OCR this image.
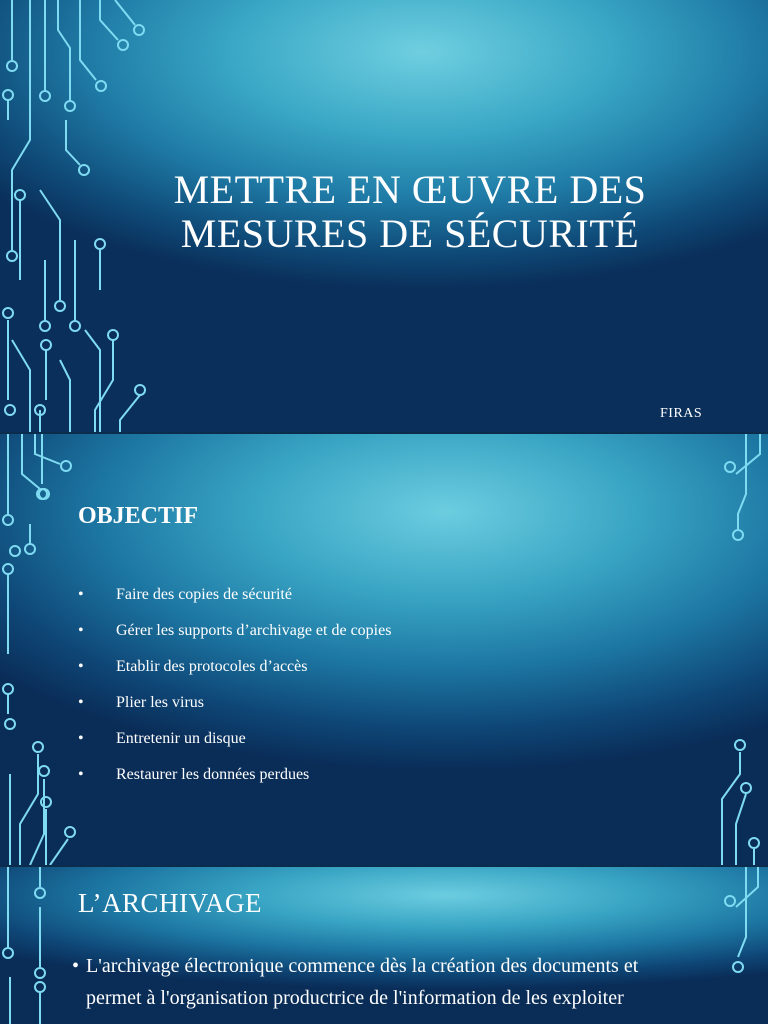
METTRE EN ŒUVRE DES
MESURES DE SÉCURITÉ
FIRAS
OBJECTIF
• Faire des copies de sécurité
• Gérer les supports d’archivage et de copies
• Etablir des protocoles d’accès
• Plier les virus
• Entretenir un disque
• Restaurer les données perdues
L’ARCHIVAGE
• L'archivage électronique commence dès la création des documents et
permet à l'organisation productrice de l'information de les exploiter
